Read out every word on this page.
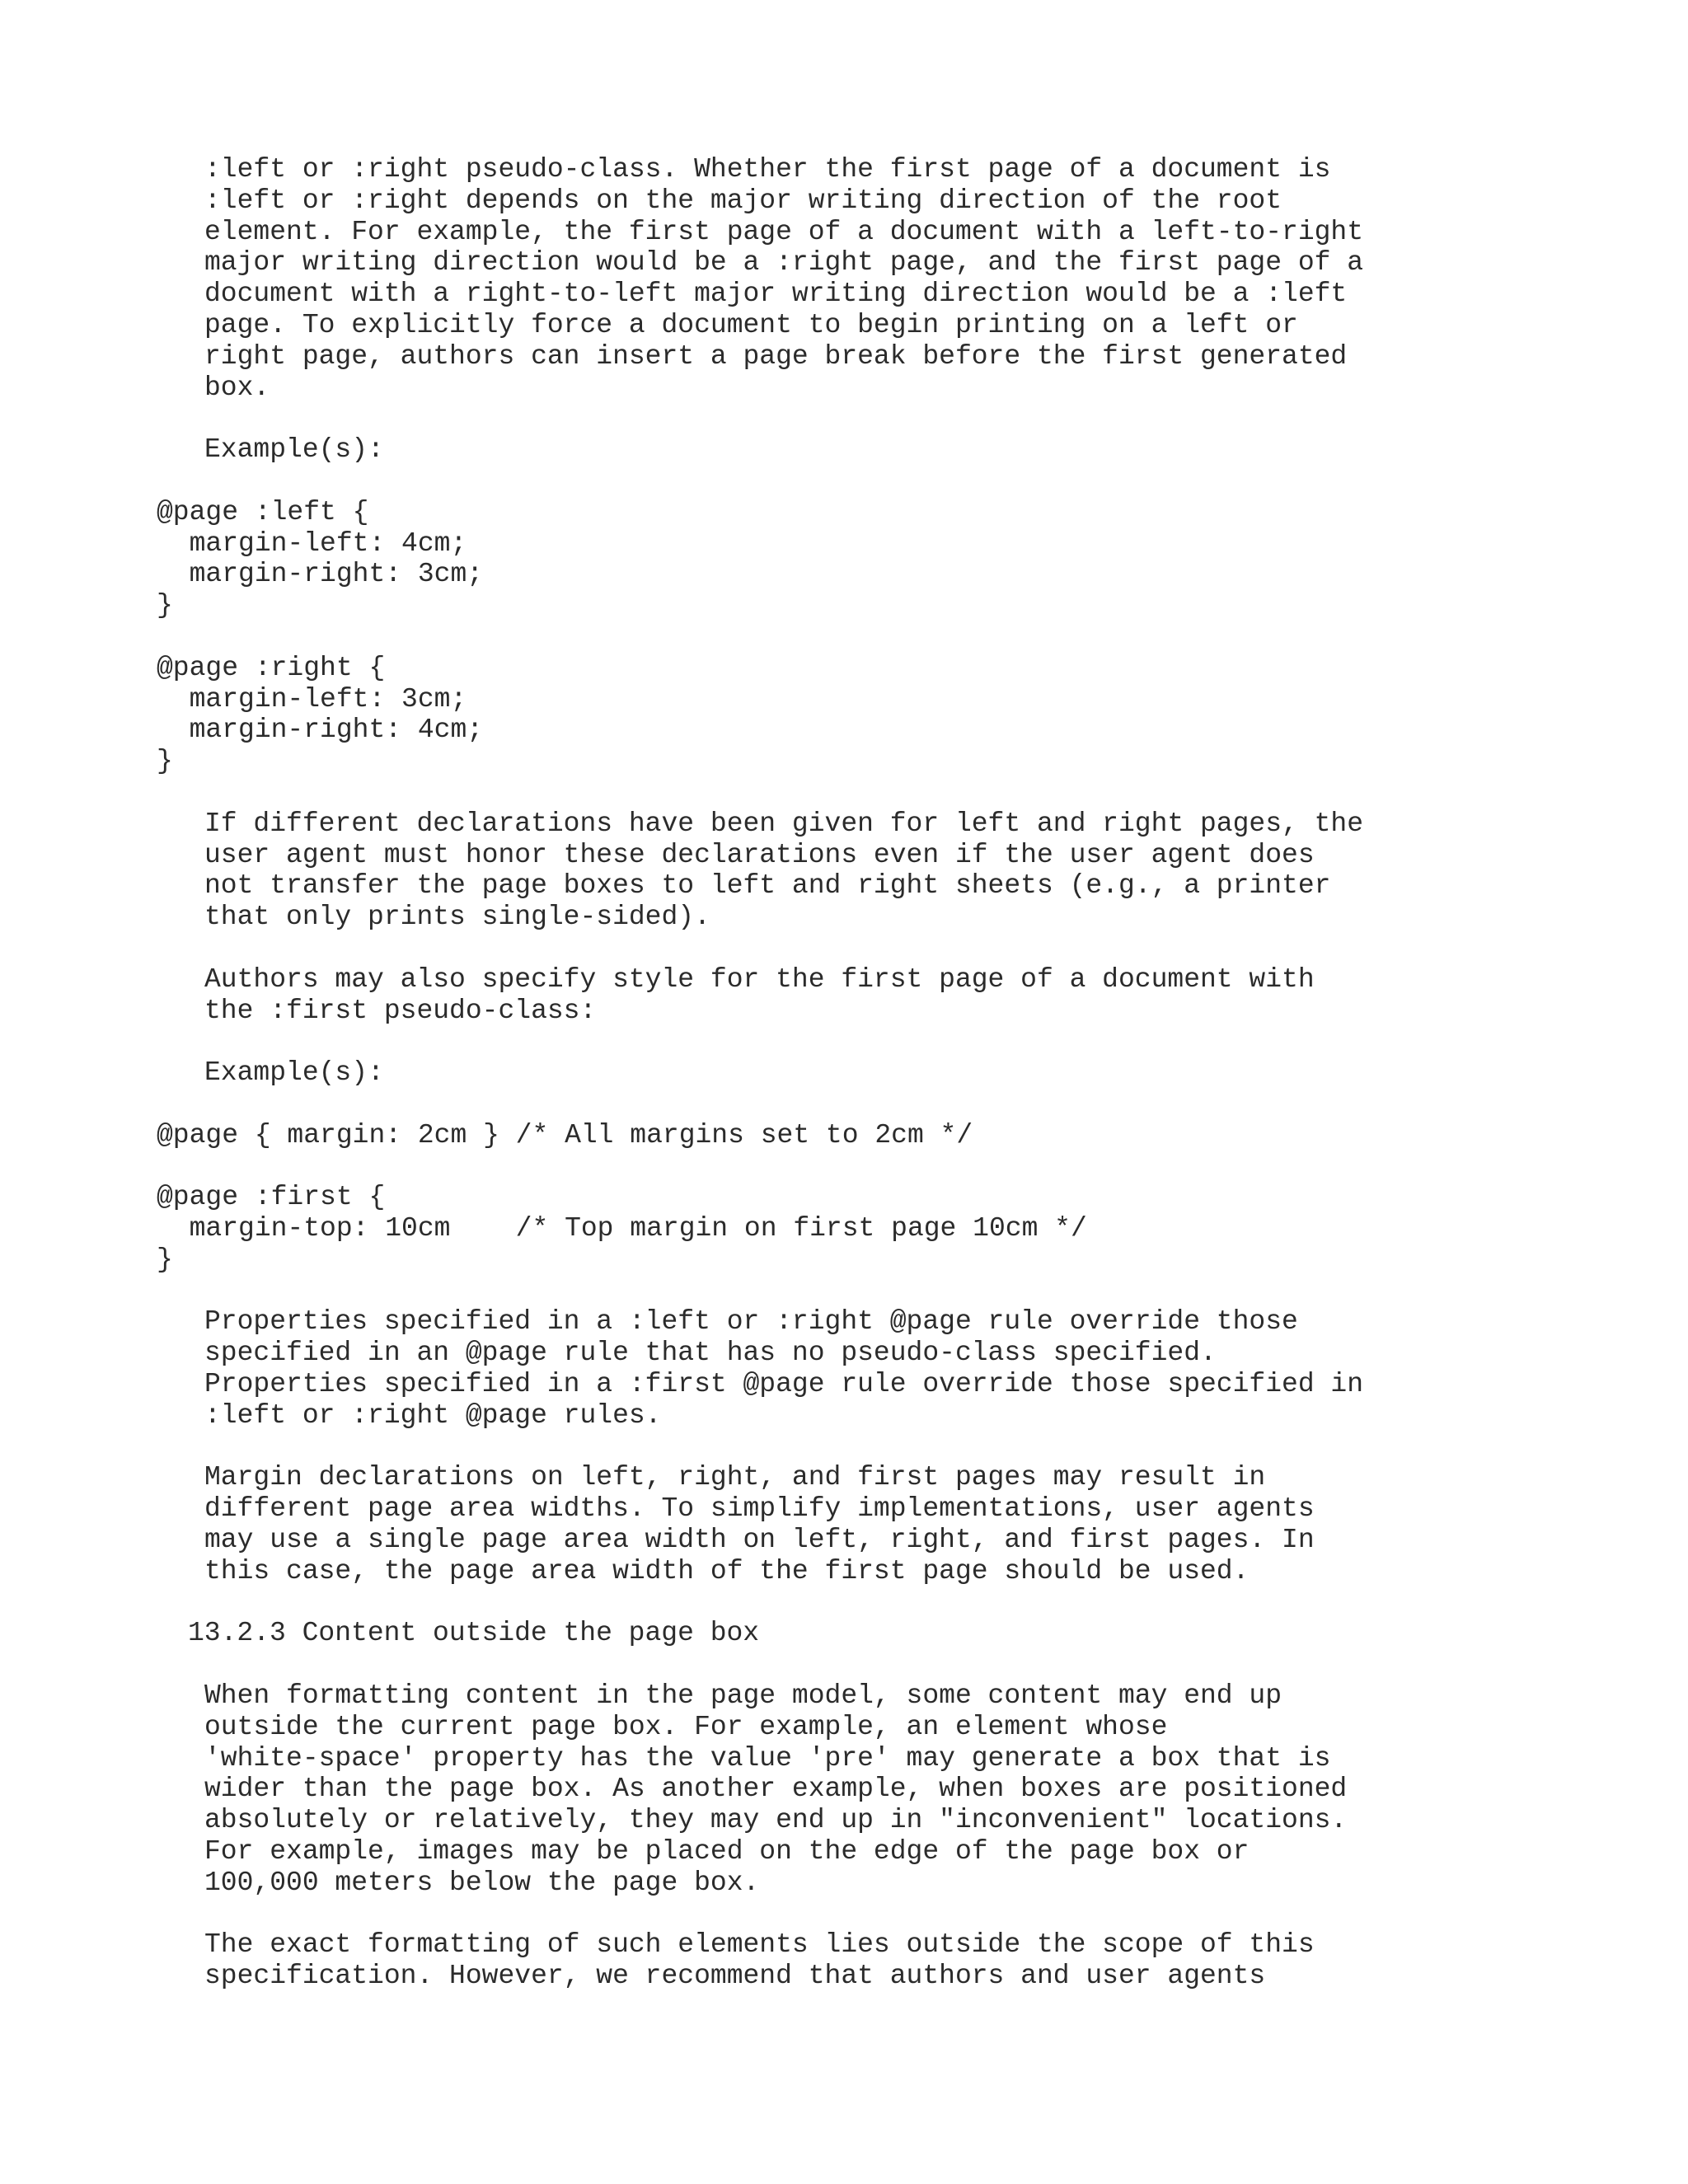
:left or :right pseudo-class. Whether the first page of a document is
:left or :right depends on the major writing direction of the root
element. For example, the first page of a document with a left-to-right
major writing direction would be a :right page, and the first page of a
document with a right-to-left major writing direction would be a :left
page. To explicitly force a document to begin printing on a left or
right page, authors can insert a page break before the first generated
box.
Example(s):
@page :left {
margin-left: 4cm;
margin-right: 3cm;
}
@page :right {
margin-left: 3cm;
margin-right: 4cm;
}
If different declarations have been given for left and right pages, the
user agent must honor these declarations even if the user agent does
not transfer the page boxes to left and right sheets (e.g., a printer
that only prints single-sided).
Authors may also specify style for the first page of a document with
the :first pseudo-class:
Example(s):
@page { margin: 2cm } /* All margins set to 2cm */
@page :first {
margin-top: 10cm    /* Top margin on first page 10cm */
}
Properties specified in a :left or :right @page rule override those
specified in an @page rule that has no pseudo-class specified.
Properties specified in a :first @page rule override those specified in
:left or :right @page rules.
Margin declarations on left, right, and first pages may result in
different page area widths. To simplify implementations, user agents
may use a single page area width on left, right, and first pages. In
this case, the page area width of the first page should be used.
13.2.3 Content outside the page box
When formatting content in the page model, some content may end up
outside the current page box. For example, an element whose
'white-space' property has the value 'pre' may generate a box that is
wider than the page box. As another example, when boxes are positioned
absolutely or relatively, they may end up in "inconvenient" locations.
For example, images may be placed on the edge of the page box or
100,000 meters below the page box.
The exact formatting of such elements lies outside the scope of this
specification. However, we recommend that authors and user agents
